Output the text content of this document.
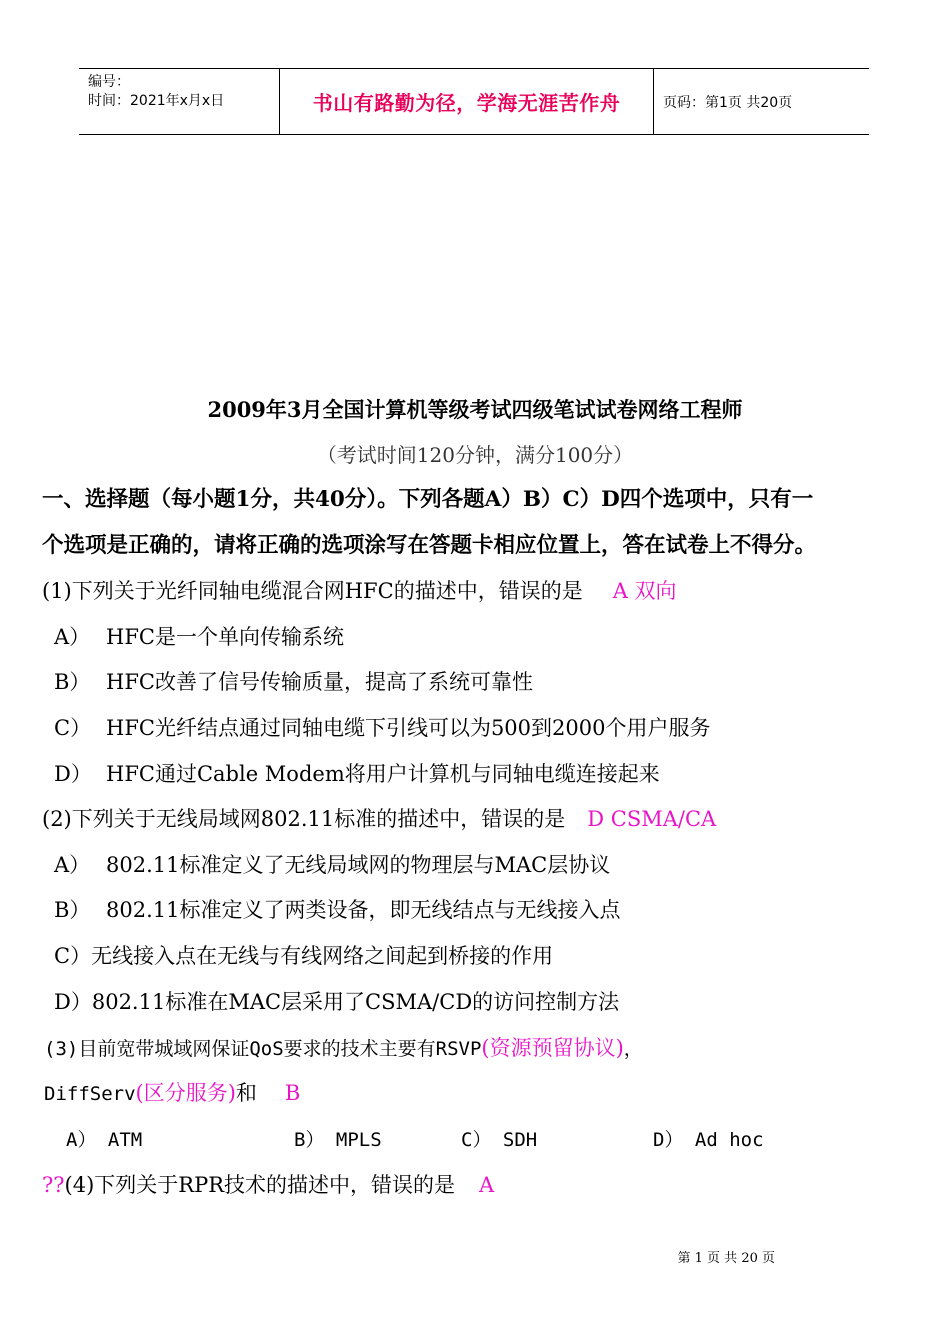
编号：
时间：2021年x月x日	书山有路勤为径，学海无涯苦作舟	页码：第1页 共20页
2009年3月全国计算机等级考试四级笔试试卷网络工程师
（考试时间120分钟，满分100分）
一、选择题（每小题1分，共40分）。下列各题A）B）C）D四个选项中，只有一
个选项是正确的，请将正确的选项涂写在答题卡相应位置上，答在试卷上不得分。
(1)下列关于光纤同轴电缆混合网HFC的描述中，错误的是 A 双向
A） HFC是一个单向传输系统
B） HFC改善了信号传输质量，提高了系统可靠性
C） HFC光纤结点通过同轴电缆下引线可以为500到2000个用户服务
D） HFC通过Cable Modem将用户计算机与同轴电缆连接起来
(2)下列关于无线局域网802.11标准的描述中，错误的是 D CSMA/CA
A） 802.11标准定义了无线局域网的物理层与MAC层协议
B） 802.11标准定义了两类设备，即无线结点与无线接入点
C）无线接入点在无线与有线网络之间起到桥接的作用
D）802.11标准在MAC层采用了CSMA/CD的访问控制方法
(3)目前宽带城域网保证QoS要求的技术主要有RSVP(资源预留协议)，
DiffServ(区分服务)和 B
A） ATM	B） MPLS	C） SDH	D） Ad hoc
??(4)下列关于RPR技术的描述中，错误的是 A
第 1 页 共 20 页
